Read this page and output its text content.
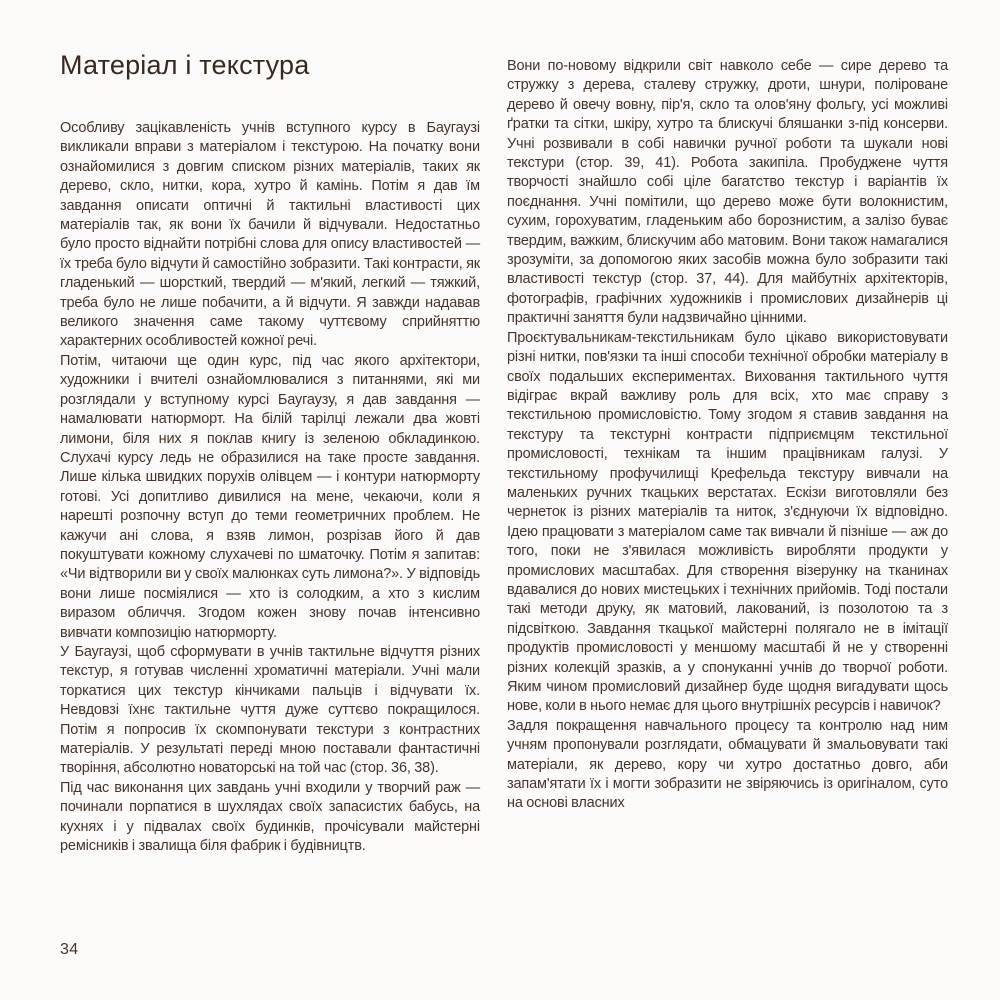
Матеріал і текстура

Особливу зацікавленість учнів вступного курсу в Баугаузі викликали вправи з матеріалом і текстурою. На початку вони ознайомилися з довгим списком різних матеріалів, таких як дерево, скло, нитки, кора, хутро й камінь. Потім я дав їм завдання описати оптичні й тактильні властивості цих матеріалів так, як вони їх бачили й відчували. Недостатньо було просто віднайти потрібні слова для опису властивостей — їх треба було відчути й самостійно зобразити. Такі контрасти, як гладенький — шорсткий, твердий — м'який, легкий — тяжкий, треба було не лише побачити, а й відчути. Я завжди надавав великого значення саме такому чуттєвому сприйняттю характерних особливостей кожної речі.

Потім, читаючи ще один курс, під час якого архітектори, художники і вчителі ознайомлювалися з питаннями, які ми розглядали у вступному курсі Баугаузу, я дав завдання — намалювати натюрморт. На білій тарілці лежали два жовті лимони, біля них я поклав книгу із зеленою обкладинкою. Слухачі курсу ледь не образилися на таке просте завдання. Лише кілька швидких порухів олівцем — і контури натюрморту готові. Усі допитливо дивилися на мене, чекаючи, коли я нарешті розпочну вступ до теми геометричних проблем. Не кажучи ані слова, я взяв лимон, розрізав його й дав покуштувати кожному слухачеві по шматочку. Потім я запитав: «Чи відтворили ви у своїх малюнках суть лимона?». У відповідь вони лише посміялися — хто із солодким, а хто з кислим виразом обличчя. Згодом кожен знову почав інтенсивно вивчати композицію натюрморту.

У Баугаузі, щоб сформувати в учнів тактильне відчуття різних текстур, я готував численні хроматичні матеріали. Учні мали торкатися цих текстур кінчиками пальців і відчувати їх. Невдовзі їхнє тактильне чуття дуже суттєво покращилося. Потім я попросив їх скомпонувати текстури з контрастних матеріалів. У результаті переді мною поставали фантастичні творіння, абсолютно новаторські на той час (стор. 36, 38).

Під час виконання цих завдань учні входили у творчий раж — починали порпатися в шухлядах своїх запасистих бабусь, на кухнях і у підвалах своїх будинків, прочісували майстерні ремісників і звалища біля фабрик і будівництв.

Вони по-новому відкрили світ навколо себе — сире дерево та стружку з дерева, сталеву стружку, дроти, шнури, поліроване дерево й овечу вовну, пір'я, скло та олов'яну фольгу, усі можливі ґратки та сітки, шкіру, хутро та блискучі бляшанки з-під консерви. Учні розвивали в собі навички ручної роботи та шукали нові текстури (стор. 39, 41). Робота закипіла. Пробуджене чуття творчості знайшло собі ціле багатство текстур і варіантів їх поєднання. Учні помітили, що дерево може бути волокнистим, сухим, горохуватим, гладеньким або борознистим, а залізо буває твердим, важким, блискучим або матовим. Вони також намагалися зрозуміти, за допомогою яких засобів можна було зобразити такі властивості текстур (стор. 37, 44). Для майбутніх архітекторів, фотографів, графічних художників і промислових дизайнерів ці практичні заняття були надзвичайно цінними.

Проєктувальникам-текстильникам було цікаво використовувати різні нитки, пов'язки та інші способи технічної обробки матеріалу в своїх подальших експериментах. Виховання тактильного чуття відіграє вкрай важливу роль для всіх, хто має справу з текстильною промисловістю. Тому згодом я ставив завдання на текстуру та текстурні контрасти підприємцям текстильної промисловості, технікам та іншим працівникам галузі. У текстильному профучилищі Крефельда текстуру вивчали на маленьких ручних ткацьких верстатах. Ескізи виготовляли без чернеток із різних матеріалів та ниток, з'єднуючи їх відповідно. Ідею працювати з матеріалом саме так вивчали й пізніше — аж до того, поки не з'явилася можливість виробляти продукти у промислових масштабах. Для створення візерунку на тканинах вдавалися до нових мистецьких і технічних прийомів. Тоді постали такі методи друку, як матовий, лакований, із позолотою та з підсвіткою. Завдання ткацької майстерні полягало не в імітації продуктів промисловості у меншому масштабі й не у створенні різних колекцій зразків, а у спонуканні учнів до творчої роботи. Яким чином промисловий дизайнер буде щодня вигадувати щось нове, коли в нього немає для цього внутрішніх ресурсів і навичок?

Задля покращення навчального процесу та контролю над ним учням пропонували розглядати, обмацувати й змальовувати такі матеріали, як дерево, кору чи хутро достатньо довго, аби запам'ятати їх і могти зобразити не звіряючись із оригіналом, суто на основі власних

34
